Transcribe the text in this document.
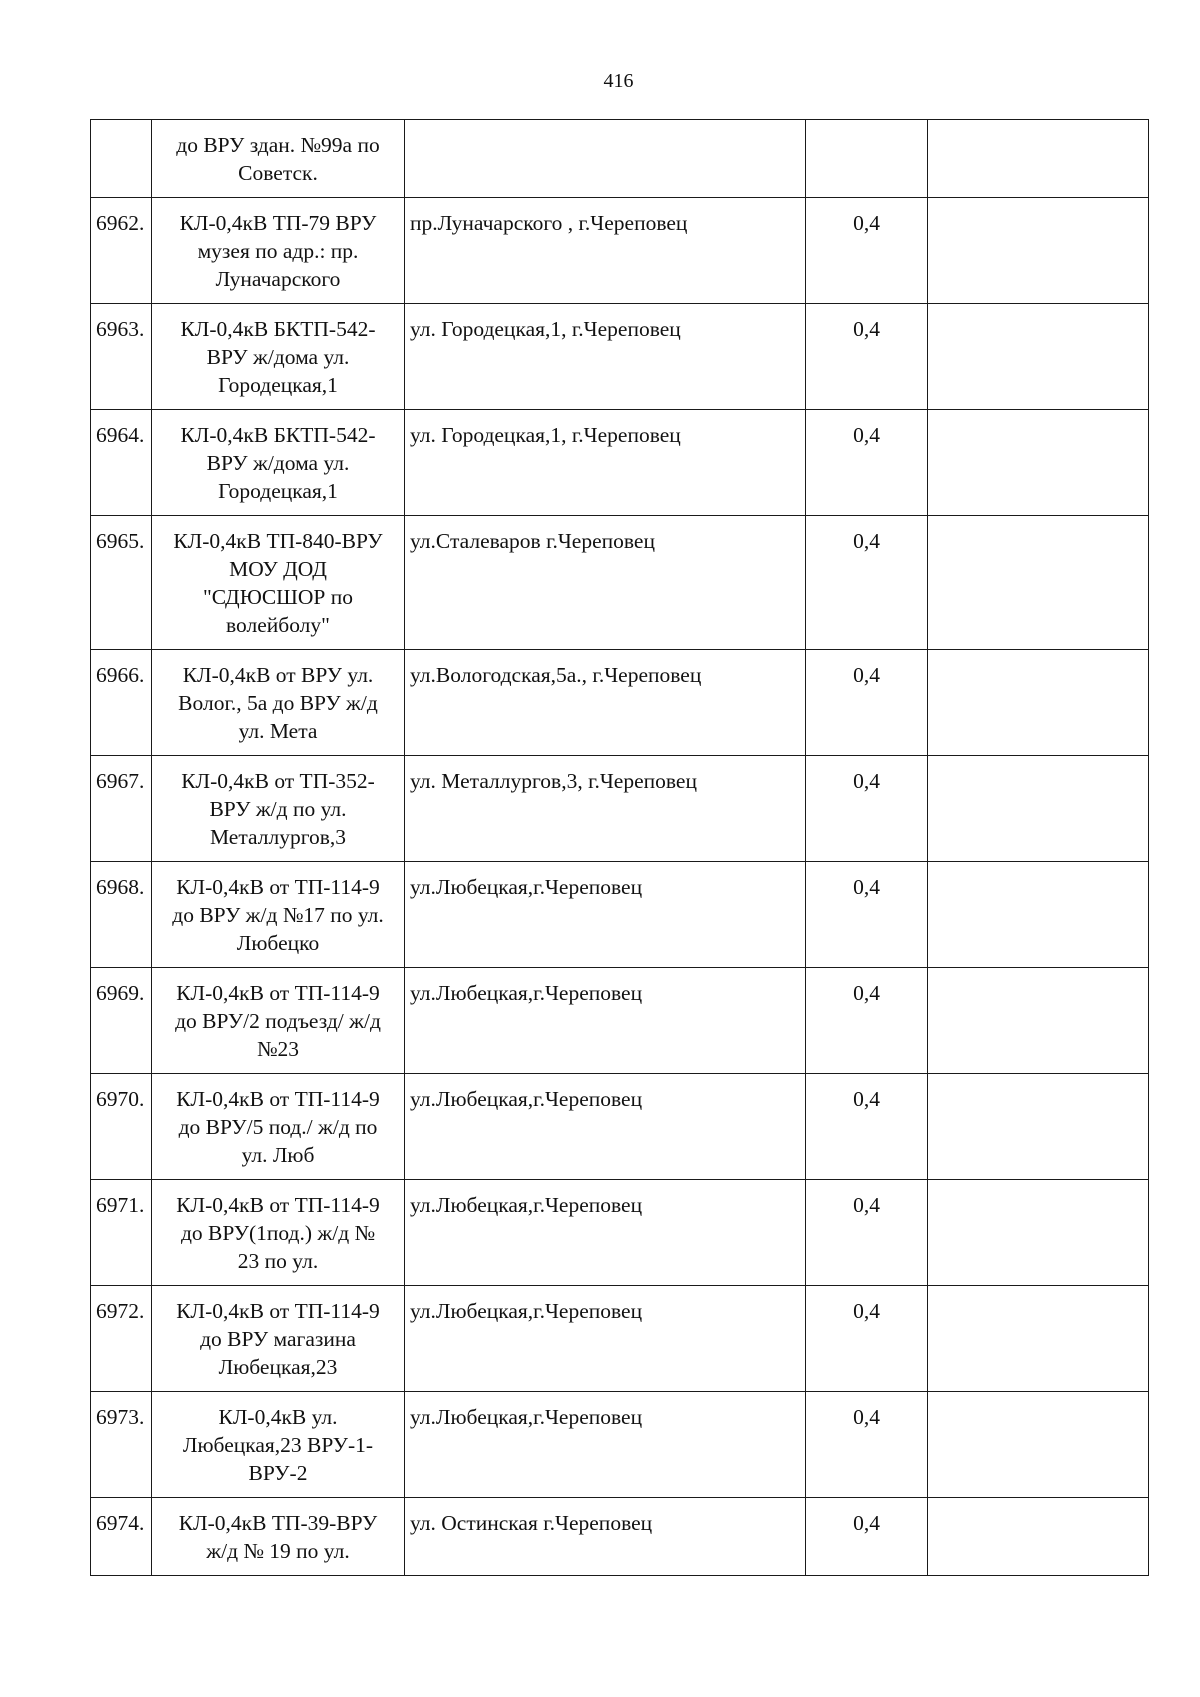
416
	до ВРУ здан. №99а по
Советск.			
6962.	КЛ-0,4кВ ТП-79 ВРУ
музея по адр.: пр.
Луначарского	пр.Луначарского , г.Череповец	0,4	
6963.	КЛ-0,4кВ БКТП-542-
ВРУ ж/дома ул.
Городецкая,1	ул. Городецкая,1, г.Череповец	0,4	
6964.	КЛ-0,4кВ БКТП-542-
ВРУ ж/дома ул.
Городецкая,1	ул. Городецкая,1, г.Череповец	0,4	
6965.	КЛ-0,4кВ ТП-840-ВРУ
МОУ ДОД
"СДЮСШОР по
волейболу"	ул.Сталеваров г.Череповец	0,4	
6966.	КЛ-0,4кВ от ВРУ ул.
Волог., 5а до ВРУ ж/д
ул. Мета	ул.Вологодская,5а., г.Череповец	0,4	
6967.	КЛ-0,4кВ от ТП-352-
ВРУ ж/д по ул.
Металлургов,3	ул. Металлургов,3, г.Череповец	0,4	
6968.	КЛ-0,4кВ от ТП-114-9
до ВРУ ж/д №17 по ул.
Любецко	ул.Любецкая,г.Череповец	0,4	
6969.	КЛ-0,4кВ от ТП-114-9
до ВРУ/2 подъезд/ ж/д
№23	ул.Любецкая,г.Череповец	0,4	
6970.	КЛ-0,4кВ от ТП-114-9
до ВРУ/5 под./ ж/д по
ул. Люб	ул.Любецкая,г.Череповец	0,4	
6971.	КЛ-0,4кВ от ТП-114-9
до ВРУ(1под.) ж/д №
23 по ул.	ул.Любецкая,г.Череповец	0,4	
6972.	КЛ-0,4кВ от ТП-114-9
до ВРУ магазина
Любецкая,23	ул.Любецкая,г.Череповец	0,4	
6973.	КЛ-0,4кВ ул.
Любецкая,23 ВРУ-1-
ВРУ-2	ул.Любецкая,г.Череповец	0,4	
6974.	КЛ-0,4кВ ТП-39-ВРУ
ж/д № 19 по ул.	ул. Остинская г.Череповец	0,4	
